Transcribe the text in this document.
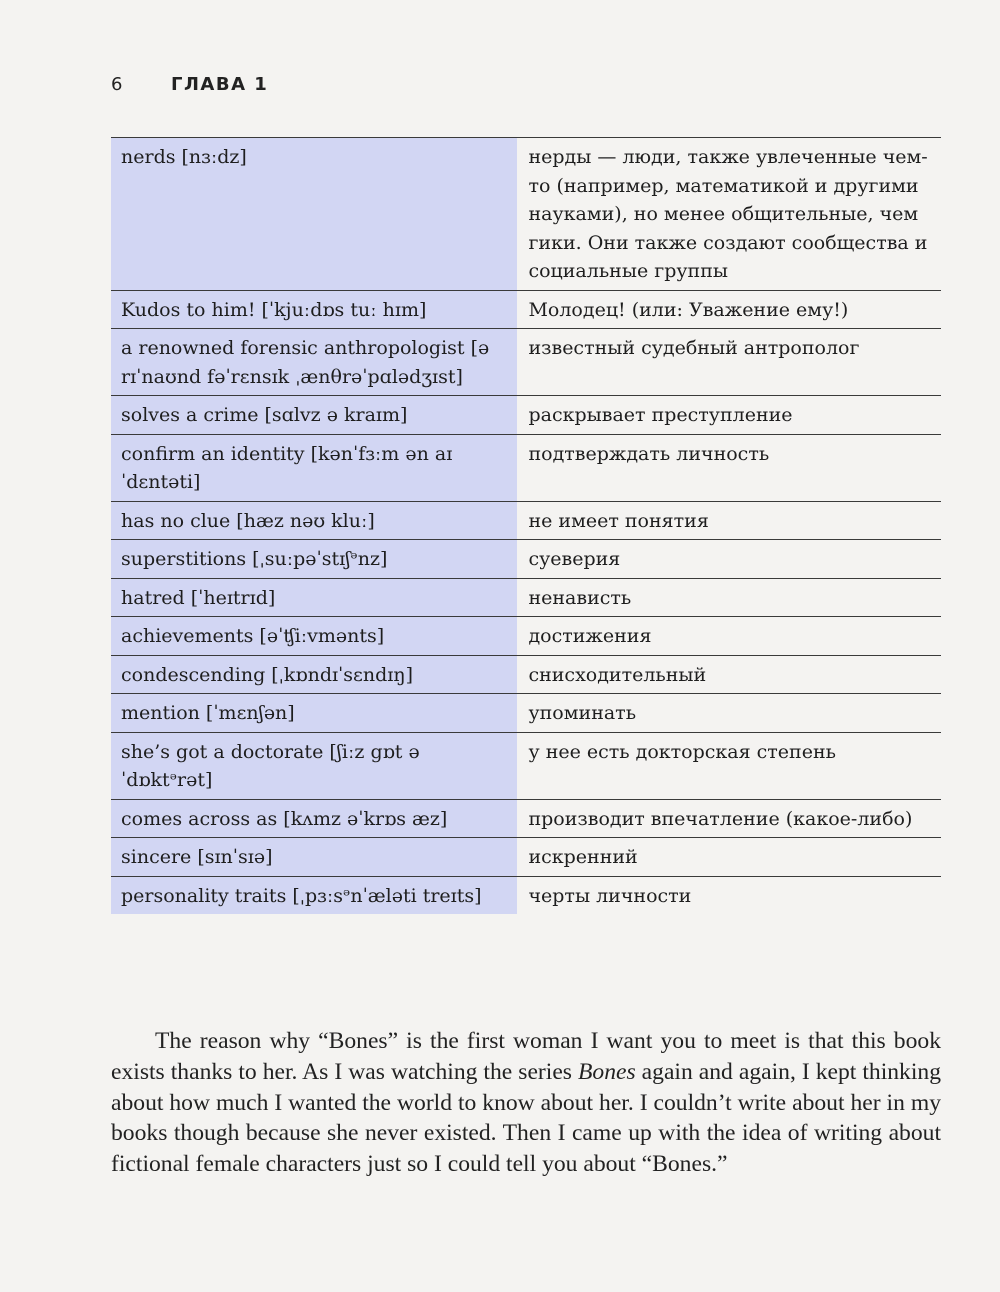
6	ГЛАВА 1
nerds [nɜːdz]	нерды — люди, также увлеченные чем-то (например, математикой и другими науками), но менее общительные, чем гики. Они также создают сообщества и социальные группы
Kudos to him! [ˈkjuːdɒs tuː hɪm]	Молодец! (или: Уважение ему!)
a renowned forensic anthropologist [ə rɪˈnaʊnd fəˈrɛnsɪk ˌænθrəˈpɑlədʒɪst]	известный судебный антрополог
solves a crime [sɑlvz ə kraɪm]	раскрывает преступление
confirm an identity [kənˈfɜːm ən aɪˈdɛntəti]	подтверждать личность
has no clue [hæz nəʊ kluː]	не имеет понятия
superstitions [ˌsuːpəˈstɪʃᵊnz]	суеверия
hatred [ˈheɪtrɪd]	ненависть
achievements [əˈʧiːvmənts]	достижения
condescending [ˌkɒndɪˈsɛndɪŋ]	снисходительный
mention [ˈmɛnʃən]	упоминать
she’s got a doctorate [ʃiːz gɒt ə ˈdɒktᵊrət]	у нее есть докторская степень
comes across as [kʌmz əˈkrɒs æz]	производит впечатление (какое-либо)
sincere [sɪnˈsɪə]	искренний
personality traits [ˌpɜːsᵊnˈæləti treɪts]	черты личности

The reason why “Bones” is the first woman I want you to meet is that this book exists thanks to her. As I was watching the series Bones again and again, I kept thinking about how much I wanted the world to know about her. I couldn’t write about her in my books though because she never existed. Then I came up with the idea of writing about fictional female characters just so I could tell you about “Bones.”
